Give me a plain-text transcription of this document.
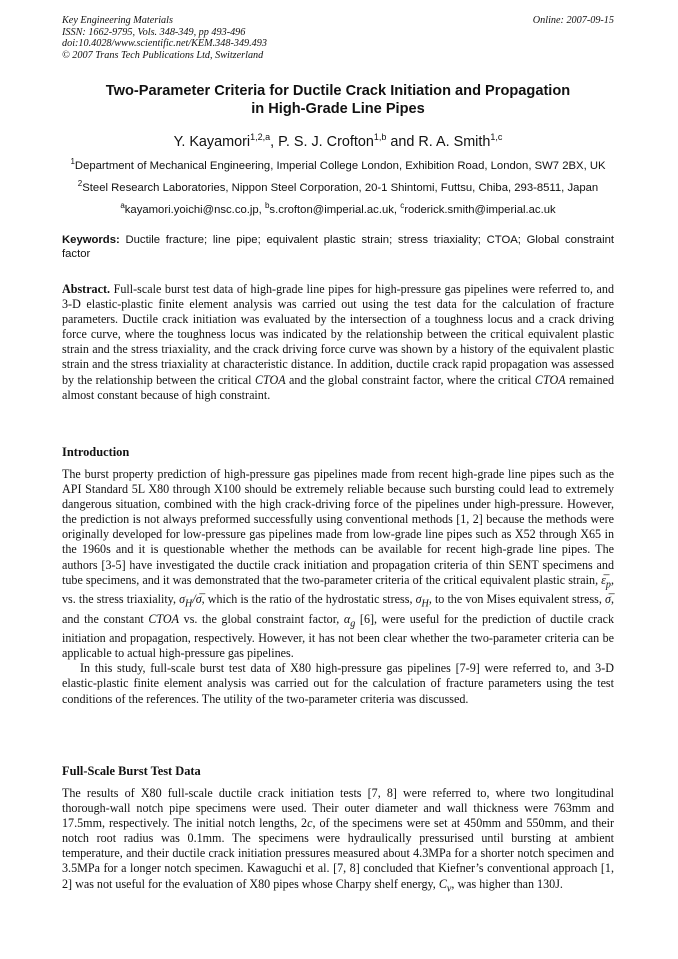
Key Engineering Materials
ISSN: 1662-9795, Vols. 348-349, pp 493-496
doi:10.4028/www.scientific.net/KEM.348-349.493
© 2007 Trans Tech Publications Ltd, Switzerland
Online: 2007-09-15
Two-Parameter Criteria for Ductile Crack Initiation and Propagation
in High-Grade Line Pipes
Y. Kayamori$^{1,2,a}$, P. S. J. Crofton$^{1,b}$ and R. A. Smith$^{1,c}$
$^1$Department of Mechanical Engineering, Imperial College London, Exhibition Road, London, SW7 2BX, UK
$^2$Steel Research Laboratories, Nippon Steel Corporation, 20-1 Shintomi, Futtsu, Chiba, 293-8511, Japan
$^a$kayamori.yoichi@nsc.co.jp, $^b$s.crofton@imperial.ac.uk, $^c$roderick.smith@imperial.ac.uk
Keywords: Ductile fracture; line pipe; equivalent plastic strain; stress triaxiality; CTOA; Global constraint factor

Abstract. Full-scale burst test data of high-grade line pipes for high-pressure gas pipelines were referred to, and 3-D elastic-plastic finite element analysis was carried out using the test data for the calculation of fracture parameters. Ductile crack initiation was evaluated by the intersection of a toughness locus and a crack driving force curve, where the toughness locus was indicated by the relationship between the critical equivalent plastic strain and the stress triaxiality, and the crack driving force curve was shown by a history of the equivalent plastic strain and the stress triaxiality at characteristic distance. In addition, ductile crack rapid propagation was assessed by the relationship between the critical CTOA and the global constraint factor, where the critical CTOA remained almost constant because of high constraint.

Introduction

The burst property prediction of high-pressure gas pipelines made from recent high-grade line pipes such as the API Standard 5L X80 through X100 should be extremely reliable because such bursting could lead to extremely dangerous situation, combined with the high crack-driving force of the pipelines under high-pressure. However, the prediction is not always preformed successfully using conventional methods [1, 2] because the methods were originally developed for low-pressure gas pipelines made from low-grade line pipes such as X52 through X65 in the 1960s and it is questionable whether the methods can be available for recent high-grade line pipes. The authors [3-5] have investigated the ductile crack initiation and propagation criteria of thin SENT specimens and tube specimens, and it was demonstrated that the two-parameter criteria of the critical equivalent plastic strain, $\varepsilon̅_p$, vs. the stress triaxiality, $\sigma_H/\sigma̅$, which is the ratio of the hydrostatic stress, $\sigma_H$, to the von Mises equivalent stress, σ̅, and the constant CTOA vs. the global constraint factor, $\alpha_g$ [6], were useful for the prediction of ductile crack initiation and propagation, respectively. However, it has not been clear whether the two-parameter criteria can be applicable to actual high-pressure gas pipelines.

In this study, full-scale burst test data of X80 high-pressure gas pipelines [7-9] were referred to, and 3-D elastic-plastic finite element analysis was carried out for the calculation of fracture parameters using the test conditions of the references. The utility of the two-parameter criteria was discussed.

Full-Scale Burst Test Data

The results of X80 full-scale ductile crack initiation tests [7, 8] were referred to, where two longitudinal thorough-wall notch pipe specimens were used. Their outer diameter and wall thickness were 763mm and 17.5mm, respectively. The initial notch lengths, 2c, of the specimens were set at 450mm and 550mm, and their notch root radius was 0.1mm. The specimens were hydraulically pressurised until bursting at ambient temperature, and their ductile crack initiation pressures measured about 4.3MPa for a shorter notch specimen and 3.5MPa for a longer notch specimen. Kawaguchi et al. [7, 8] concluded that Kiefner’s conventional approach [1, 2] was not useful for the evaluation of X80 pipes whose Charpy shelf energy, $C_v$, was higher than 130J.
